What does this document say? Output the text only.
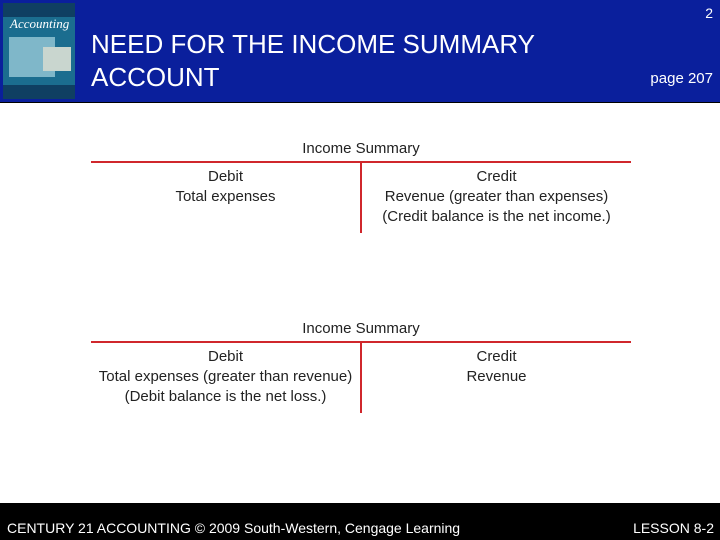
Accounting
NEED FOR THE INCOME SUMMARY
ACCOUNT
2
page 207
Income Summary
Debit
Total expenses
Credit
Revenue (greater than expenses)
(Credit balance is the net income.)
Income Summary
Debit
Total expenses (greater than revenue)
(Debit balance is the net loss.)
Credit
Revenue
CENTURY 21 ACCOUNTING © 2009 South-Western, Cengage Learning	LESSON 8-2
